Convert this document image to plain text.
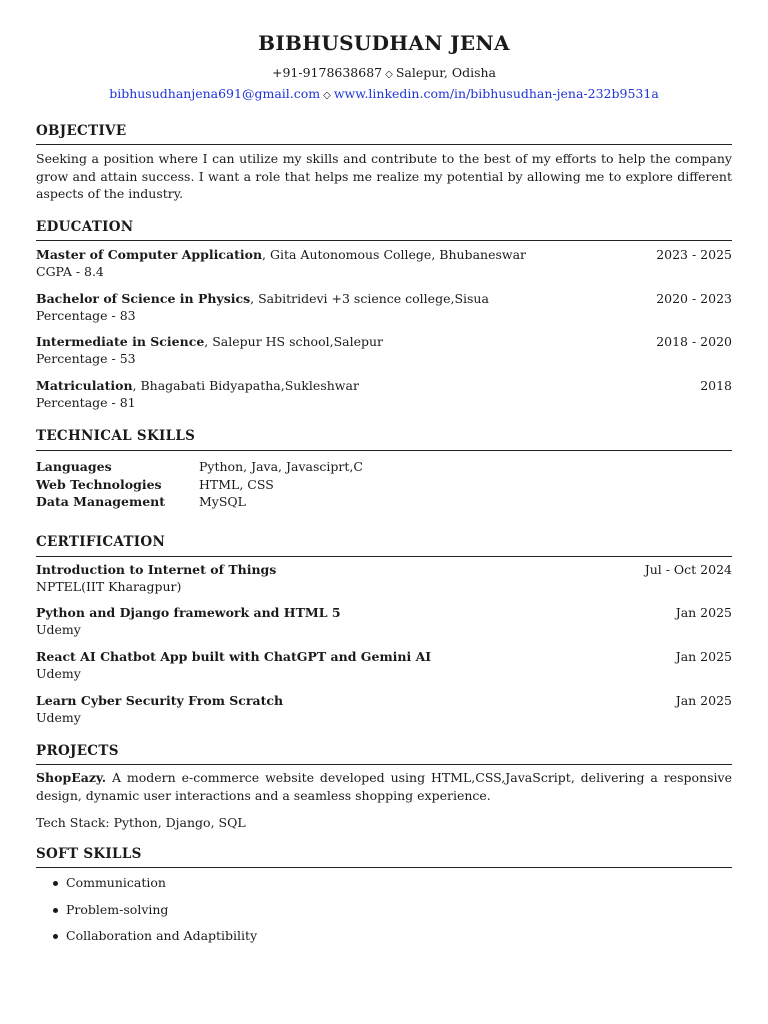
BIBHUSUDHAN JENA
+91-9178638687 ◇ Salepur, Odisha
bibhusudhanjena691@gmail.com ◇ www.linkedin.com/in/bibhusudhan-jena-232b9531a
OBJECTIVE
Seeking a position where I can utilize my skills and contribute to the best of my efforts to help the company grow and attain success. I want a role that helps me realize my potential by allowing me to explore different aspects of the industry.
EDUCATION
Master of Computer Application, Gita Autonomous College, Bhubaneswar	2023 - 2025
CGPA - 8.4
Bachelor of Science in Physics, Sabitridevi +3 science college,Sisua	2020 - 2023
Percentage - 83
Intermediate in Science, Salepur HS school,Salepur	2018 - 2020
Percentage - 53
Matriculation, Bhagabati Bidyapatha,Sukleshwar	2018
Percentage - 81
TECHNICAL SKILLS
Languages	Python, Java, Javasciprt,C
Web Technologies	HTML, CSS
Data Management	MySQL
CERTIFICATION
Introduction to Internet of Things	Jul - Oct 2024
NPTEL(IIT Kharagpur)
Python and Django framework and HTML 5	Jan 2025
Udemy
React AI Chatbot App built with ChatGPT and Gemini AI	Jan 2025
Udemy
Learn Cyber Security From Scratch	Jan 2025
Udemy
PROJECTS
ShopEazy. A modern e-commerce website developed using HTML,CSS,JavaScript, delivering a responsive design, dynamic user interactions and a seamless shopping experience.
Tech Stack: Python, Django, SQL
SOFT SKILLS
Communication
Problem-solving
Collaboration and Adaptibility
